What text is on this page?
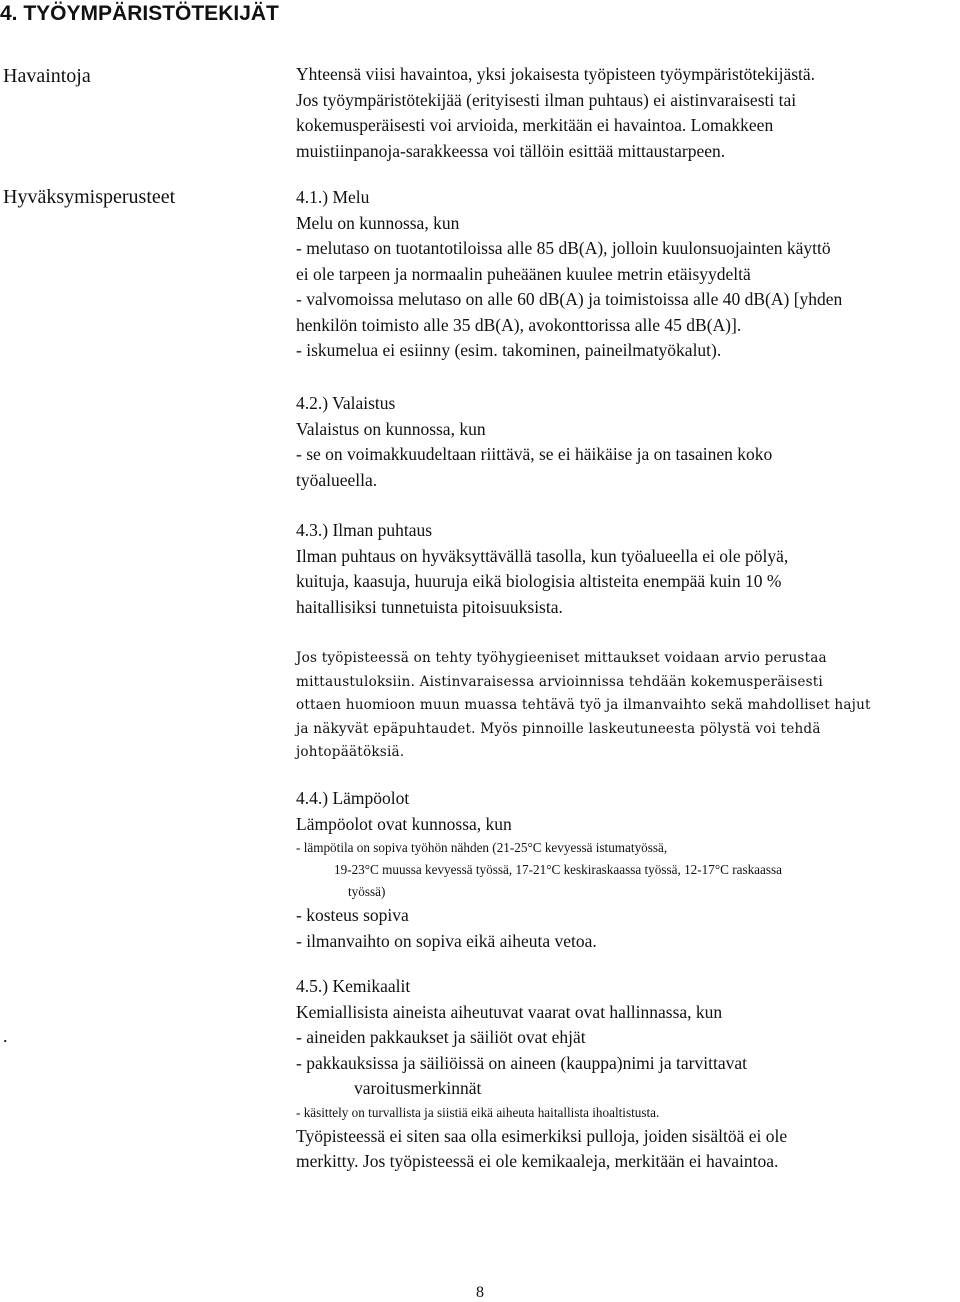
4. TYÖYMPÄRISTÖTEKIJÄT
Havaintoja
Hyväksymisperusteet

Yhteensä viisi havaintoa, yksi jokaisesta työpisteen työympäristötekijästä.

Jos työympäristötekijää (erityisesti ilman puhtaus) ei aistinvaraisesti tai

kokemusperäisesti voi arvioida, merkitään ei havaintoa. Lomakkeen

muistiinpanoja-sarakkeessa voi tällöin esittää mittaustarpeen.

4.1.) Melu

Melu on kunnossa, kun

- melutaso on tuotantotiloissa alle 85 dB(A), jolloin kuulonsuojainten käyttö

ei ole tarpeen ja normaalin puheäänen kuulee metrin etäisyydeltä

- valvomoissa melutaso on alle 60 dB(A) ja toimistoissa alle 40 dB(A) [yhden

henkilön toimisto alle 35 dB(A), avokonttorissa alle 45 dB(A)].

- iskumelua ei esiinny (esim. takominen, paineilmatyökalut).

4.2.) Valaistus

Valaistus on kunnossa, kun

- se on voimakkuudeltaan riittävä, se ei häikäise ja on tasainen koko

työalueella.

4.3.) Ilman puhtaus

Ilman puhtaus on hyväksyttävällä tasolla, kun työalueella ei ole pölyä,

kuituja, kaasuja, huuruja eikä biologisia altisteita enempää kuin 10 %

haitallisiksi tunnetuista pitoisuuksista.

Jos työpisteessä on tehty työhygieeniset mittaukset voidaan arvio perustaa

mittaustuloksiin. Aistinvaraisessa arvioinnissa tehdään kokemusperäisesti

ottaen huomioon muun muassa tehtävä työ ja ilmanvaihto sekä mahdolliset hajut

ja näkyvät epäpuhtaudet. Myös pinnoille laskeutuneesta pölystä voi tehdä

johtopäätöksiä.

4.4.) Lämpöolot

Lämpöolot ovat kunnossa, kun

- lämpötila on sopiva työhön nähden (21-25°C kevyessä istumatyössä,

19-23°C muussa kevyessä työssä, 17-21°C keskiraskaassa työssä, 12-17°C raskaassa

työssä)

- kosteus sopiva

- ilmanvaihto on sopiva eikä aiheuta vetoa.

4.5.) Kemikaalit

Kemiallisista aineista aiheutuvat vaarat ovat hallinnassa, kun

- aineiden pakkaukset ja säiliöt ovat ehjät

- pakkauksissa ja säiliöissä on aineen (kauppa)nimi ja tarvittavat

varoitusmerkinnät

- käsittely on turvallista ja siistiä eikä aiheuta haitallista ihoaltistusta.

Työpisteessä ei siten saa olla esimerkiksi pulloja, joiden sisältöä ei ole

merkitty. Jos työpisteessä ei ole kemikaaleja, merkitään ei havaintoa.

.
8
